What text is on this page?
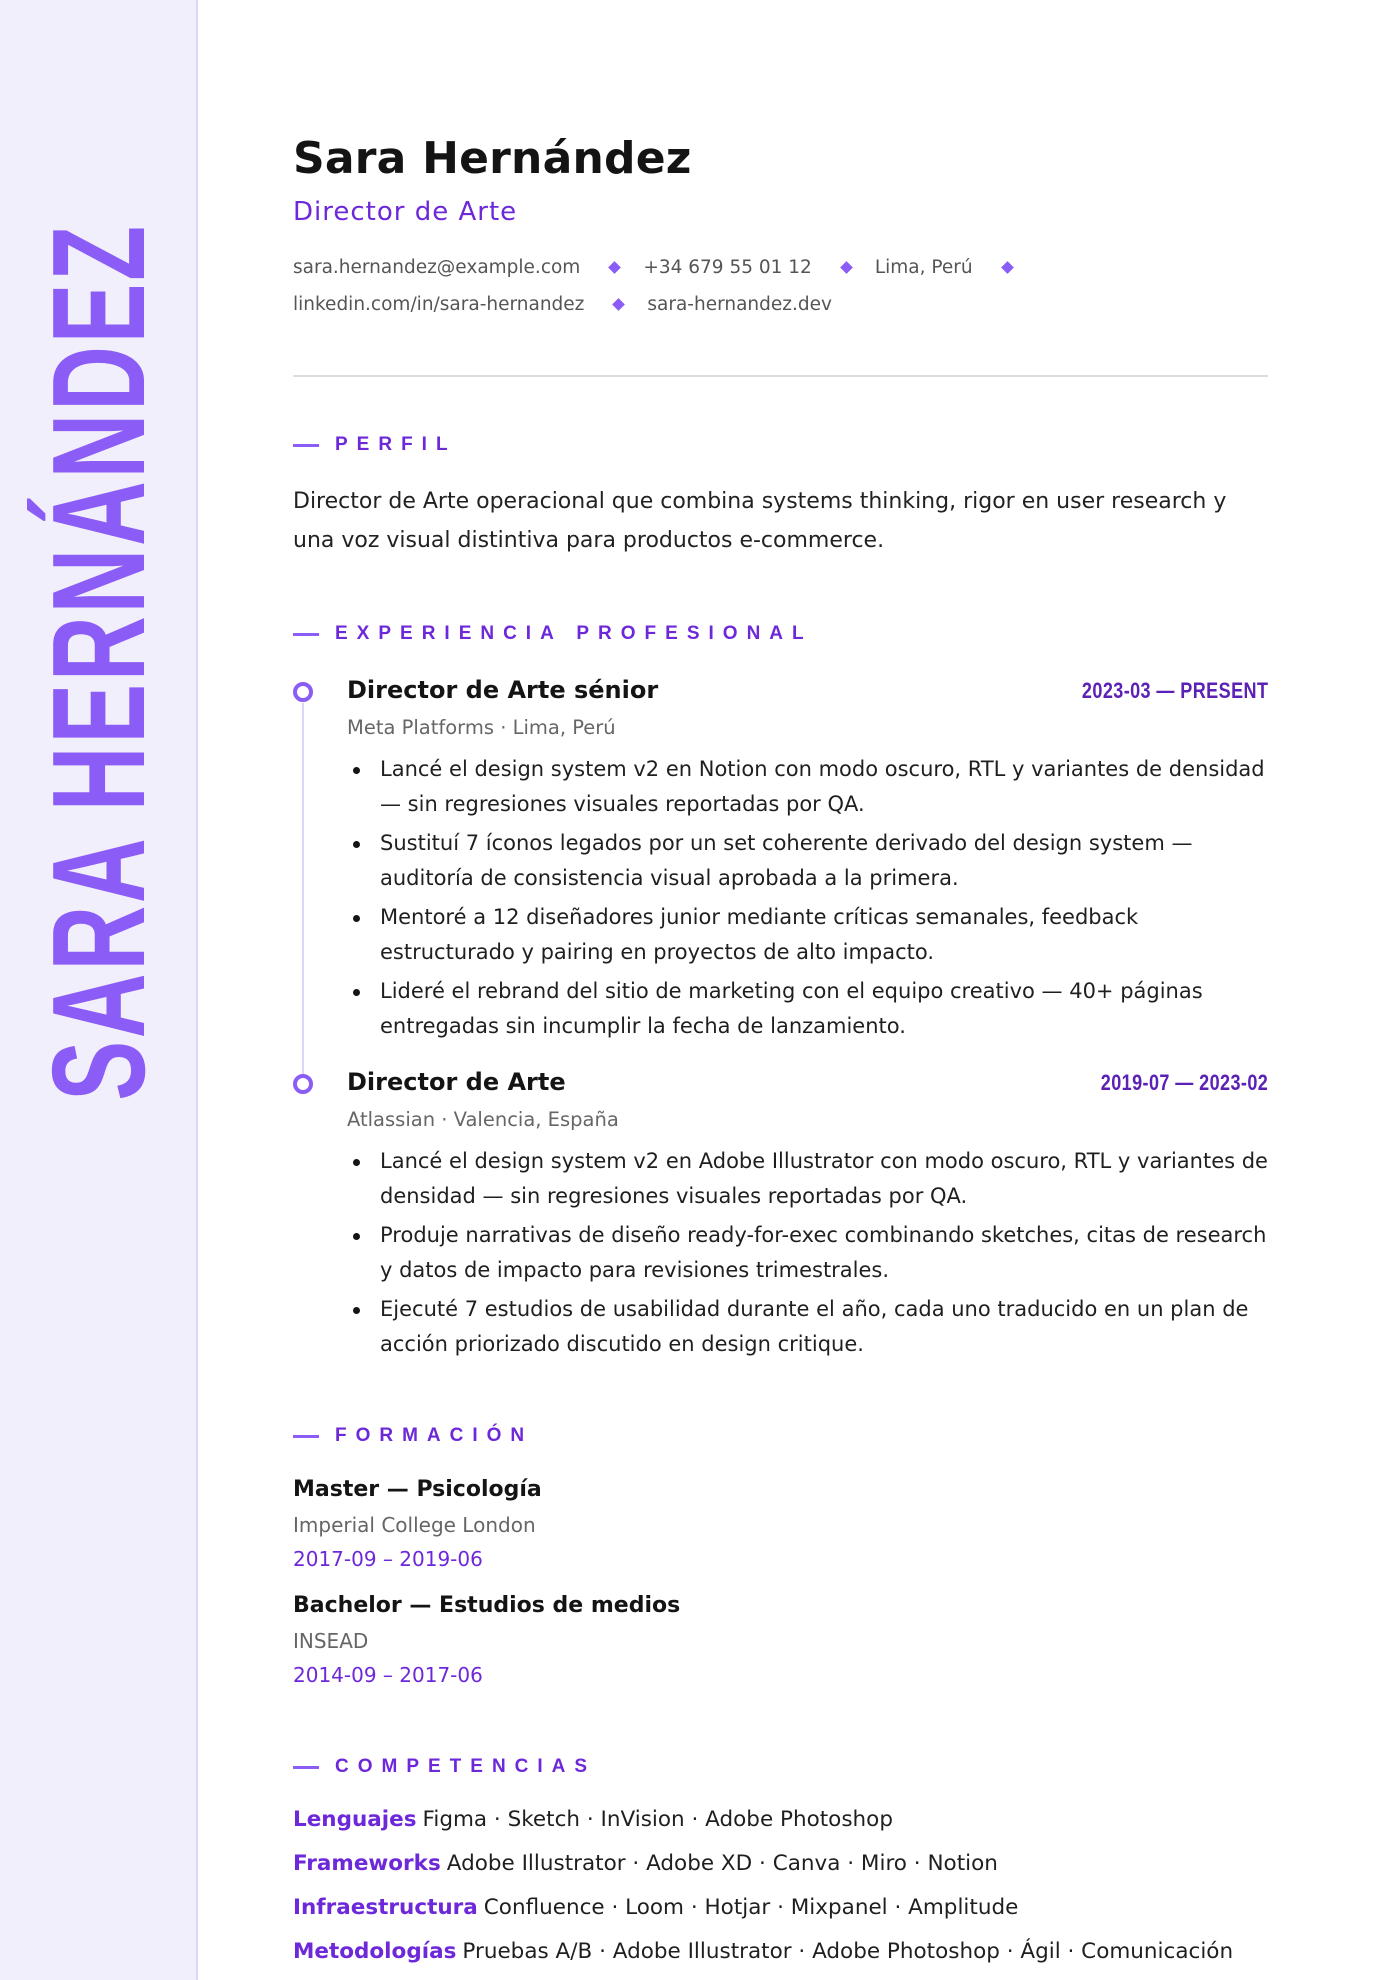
SARA HERNÁNDEZ
Sara Hernández
Director de Arte
sara.hernandez@example.com	+34 679 55 01 12	Lima, Perú
linkedin.com/in/sara-hernandez	sara-hernandez.dev
PERFIL

Director de Arte operacional que combina systems thinking, rigor en user research y una voz visual distintiva para productos e-commerce.

EXPERIENCIA PROFESIONAL
Director de Arte sénior	2023-03 — PRESENT
Meta Platforms · Lima, Perú
Lancé el design system v2 en Notion con modo oscuro, RTL y variantes de densidad — sin regresiones visuales reportadas por QA.
Sustituí 7 íconos legados por un set coherente derivado del design system — auditoría de consistencia visual aprobada a la primera.
Mentoré a 12 diseñadores junior mediante críticas semanales, feedback estructurado y pairing en proyectos de alto impacto.
Lideré el rebrand del sitio de marketing con el equipo creativo — 40+ páginas entregadas sin incumplir la fecha de lanzamiento.
Director de Arte	2019-07 — 2023-02
Atlassian · Valencia, España
Lancé el design system v2 en Adobe Illustrator con modo oscuro, RTL y variantes de densidad — sin regresiones visuales reportadas por QA.
Produje narrativas de diseño ready-for-exec combinando sketches, citas de research y datos de impacto para revisiones trimestrales.
Ejecuté 7 estudios de usabilidad durante el año, cada uno traducido en un plan de acción priorizado discutido en design critique.
FORMACIÓN
Master — Psicología
Imperial College London
2017-09 – 2019-06
Bachelor — Estudios de medios
INSEAD
2014-09 – 2017-06
COMPETENCIAS
Lenguajes Figma · Sketch · InVision · Adobe Photoshop
Frameworks Adobe Illustrator · Adobe XD · Canva · Miro · Notion
Infraestructura Confluence · Loom · Hotjar · Mixpanel · Amplitude
Metodologías Pruebas A/B · Adobe Illustrator · Adobe Photoshop · Ágil · Comunicación
